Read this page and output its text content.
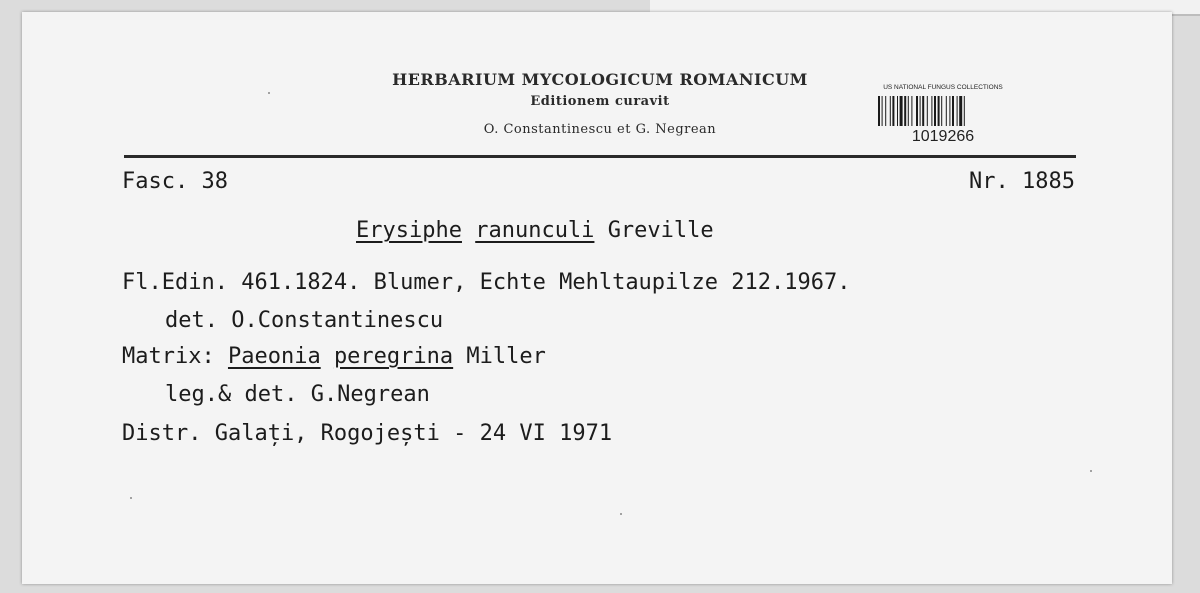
HERBARIUM MYCOLOGICUM ROMANICUM
Editionem curavit
O. Constantinescu et G. Negrean
US NATIONAL FUNGUS COLLECTIONS
1019266
Fasc. 38	Nr. 1885
Erysiphe ranunculi Greville
Fl.Edin. 461.1824. Blumer, Echte Mehltaupilze 212.1967.
det. O.Constantinescu
Matrix: Paeonia peregrina Miller
leg.& det. G.Negrean
Distr. Galați, Rogojești - 24 VI 1971
